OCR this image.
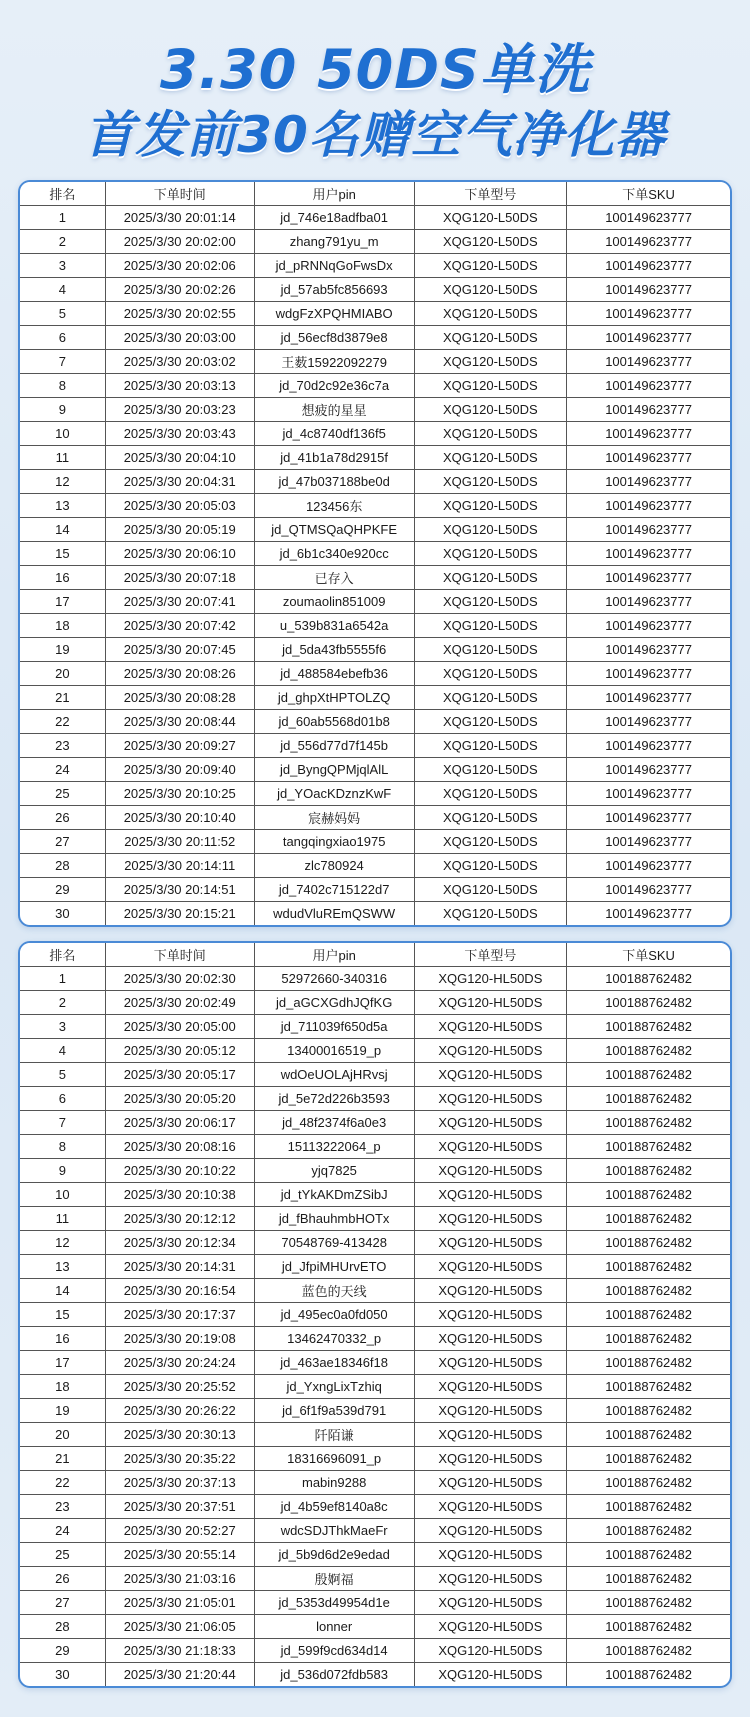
3.30 50DS单洗
首发前30名赠空气净化器
排名	下单时间	用户pin	下单型号	下单SKU
1	2025/3/30 20:01:14	jd_746e18adfba01	XQG120-L50DS	100149623777
2	2025/3/30 20:02:00	zhang791yu_m	XQG120-L50DS	100149623777
3	2025/3/30 20:02:06	jd_pRNNqGoFwsDx	XQG120-L50DS	100149623777
4	2025/3/30 20:02:26	jd_57ab5fc856693	XQG120-L50DS	100149623777
5	2025/3/30 20:02:55	wdgFzXPQHMIABO	XQG120-L50DS	100149623777
6	2025/3/30 20:03:00	jd_56ecf8d3879e8	XQG120-L50DS	100149623777
7	2025/3/30 20:03:02	王薮15922092279	XQG120-L50DS	100149623777
8	2025/3/30 20:03:13	jd_70d2c92e36c7a	XQG120-L50DS	100149623777
9	2025/3/30 20:03:23	想疲的星星	XQG120-L50DS	100149623777
10	2025/3/30 20:03:43	jd_4c8740df136f5	XQG120-L50DS	100149623777
11	2025/3/30 20:04:10	jd_41b1a78d2915f	XQG120-L50DS	100149623777
12	2025/3/30 20:04:31	jd_47b037188be0d	XQG120-L50DS	100149623777
13	2025/3/30 20:05:03	123456东	XQG120-L50DS	100149623777
14	2025/3/30 20:05:19	jd_QTMSQaQHPKFE	XQG120-L50DS	100149623777
15	2025/3/30 20:06:10	jd_6b1c340e920cc	XQG120-L50DS	100149623777
16	2025/3/30 20:07:18	已存入	XQG120-L50DS	100149623777
17	2025/3/30 20:07:41	zoumaolin851009	XQG120-L50DS	100149623777
18	2025/3/30 20:07:42	u_539b831a6542a	XQG120-L50DS	100149623777
19	2025/3/30 20:07:45	jd_5da43fb5555f6	XQG120-L50DS	100149623777
20	2025/3/30 20:08:26	jd_488584ebefb36	XQG120-L50DS	100149623777
21	2025/3/30 20:08:28	jd_ghpXtHPTOLZQ	XQG120-L50DS	100149623777
22	2025/3/30 20:08:44	jd_60ab5568d01b8	XQG120-L50DS	100149623777
23	2025/3/30 20:09:27	jd_556d77d7f145b	XQG120-L50DS	100149623777
24	2025/3/30 20:09:40	jd_ByngQPMjqlAlL	XQG120-L50DS	100149623777
25	2025/3/30 20:10:25	jd_YOacKDznzKwF	XQG120-L50DS	100149623777
26	2025/3/30 20:10:40	宸赫妈妈	XQG120-L50DS	100149623777
27	2025/3/30 20:11:52	tangqingxiao1975	XQG120-L50DS	100149623777
28	2025/3/30 20:14:11	zlc780924	XQG120-L50DS	100149623777
29	2025/3/30 20:14:51	jd_7402c715122d7	XQG120-L50DS	100149623777
30	2025/3/30 20:15:21	wdudVluREmQSWW	XQG120-L50DS	100149623777
排名	下单时间	用户pin	下单型号	下单SKU
1	2025/3/30 20:02:30	52972660-340316	XQG120-HL50DS	100188762482
2	2025/3/30 20:02:49	jd_aGCXGdhJQfKG	XQG120-HL50DS	100188762482
3	2025/3/30 20:05:00	jd_711039f650d5a	XQG120-HL50DS	100188762482
4	2025/3/30 20:05:12	13400016519_p	XQG120-HL50DS	100188762482
5	2025/3/30 20:05:17	wdOeUOLAjHRvsj	XQG120-HL50DS	100188762482
6	2025/3/30 20:05:20	jd_5e72d226b3593	XQG120-HL50DS	100188762482
7	2025/3/30 20:06:17	jd_48f2374f6a0e3	XQG120-HL50DS	100188762482
8	2025/3/30 20:08:16	15113222064_p	XQG120-HL50DS	100188762482
9	2025/3/30 20:10:22	yjq7825	XQG120-HL50DS	100188762482
10	2025/3/30 20:10:38	jd_tYkAKDmZSibJ	XQG120-HL50DS	100188762482
11	2025/3/30 20:12:12	jd_fBhauhmbHOTx	XQG120-HL50DS	100188762482
12	2025/3/30 20:12:34	70548769-413428	XQG120-HL50DS	100188762482
13	2025/3/30 20:14:31	jd_JfpiMHUrvETO	XQG120-HL50DS	100188762482
14	2025/3/30 20:16:54	蓝色的天线	XQG120-HL50DS	100188762482
15	2025/3/30 20:17:37	jd_495ec0a0fd050	XQG120-HL50DS	100188762482
16	2025/3/30 20:19:08	13462470332_p	XQG120-HL50DS	100188762482
17	2025/3/30 20:24:24	jd_463ae18346f18	XQG120-HL50DS	100188762482
18	2025/3/30 20:25:52	jd_YxngLixTzhiq	XQG120-HL50DS	100188762482
19	2025/3/30 20:26:22	jd_6f1f9a539d791	XQG120-HL50DS	100188762482
20	2025/3/30 20:30:13	阡陌谦	XQG120-HL50DS	100188762482
21	2025/3/30 20:35:22	18316696091_p	XQG120-HL50DS	100188762482
22	2025/3/30 20:37:13	mabin9288	XQG120-HL50DS	100188762482
23	2025/3/30 20:37:51	jd_4b59ef8140a8c	XQG120-HL50DS	100188762482
24	2025/3/30 20:52:27	wdcSDJThkMaeFr	XQG120-HL50DS	100188762482
25	2025/3/30 20:55:14	jd_5b9d6d2e9edad	XQG120-HL50DS	100188762482
26	2025/3/30 21:03:16	殷婀福	XQG120-HL50DS	100188762482
27	2025/3/30 21:05:01	jd_5353d49954d1e	XQG120-HL50DS	100188762482
28	2025/3/30 21:06:05	lonner	XQG120-HL50DS	100188762482
29	2025/3/30 21:18:33	jd_599f9cd634d14	XQG120-HL50DS	100188762482
30	2025/3/30 21:20:44	jd_536d072fdb583	XQG120-HL50DS	100188762482
